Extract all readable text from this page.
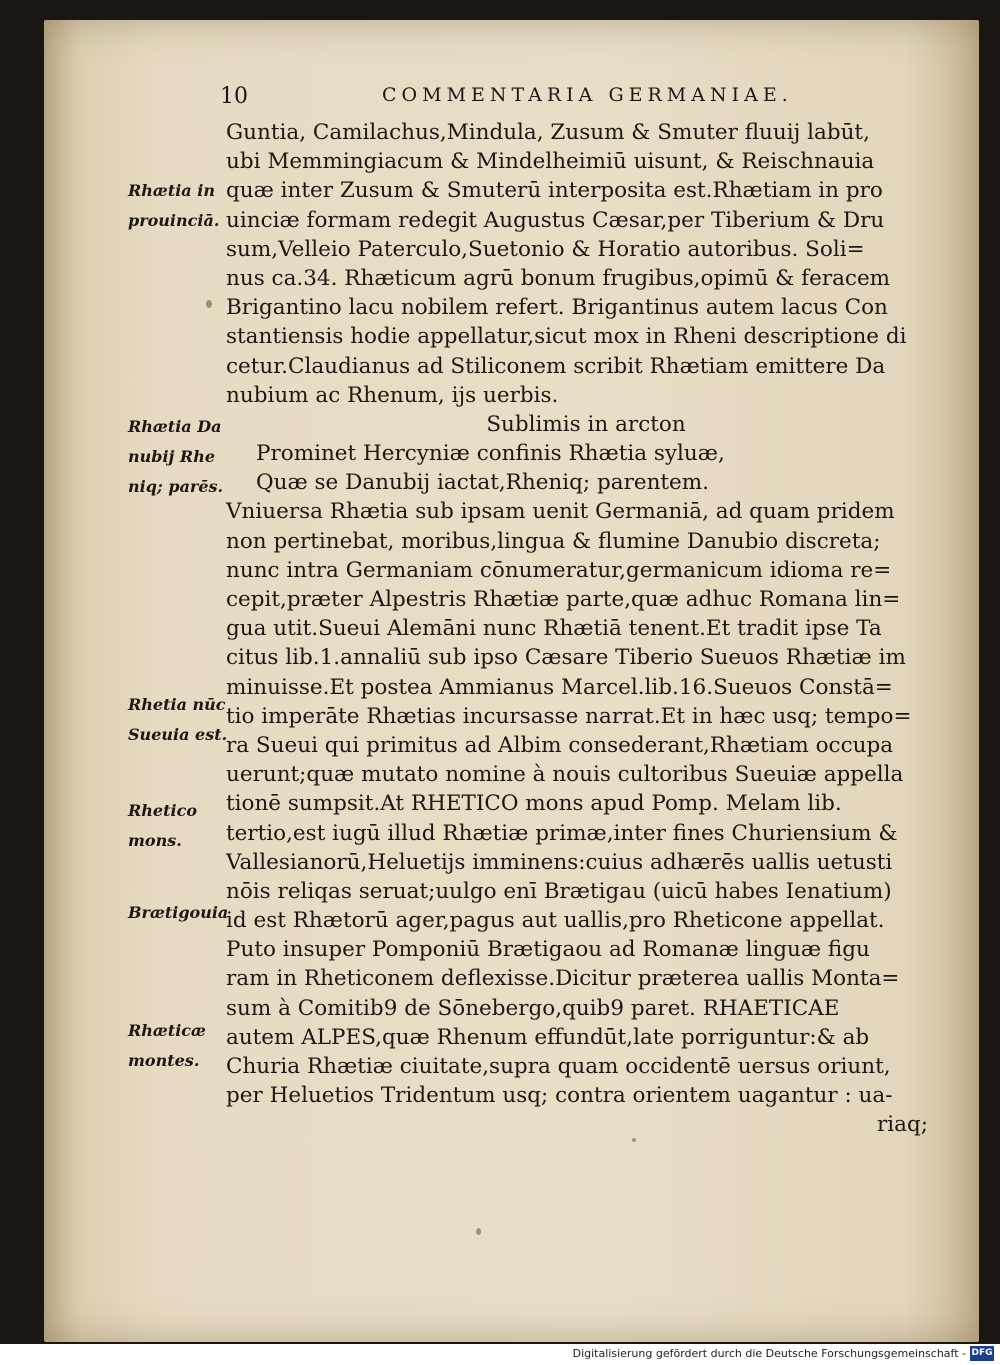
10	COMMENTARIA GERMANIAE.
Guntia, Camilachus,Mindula, Zusum & Smuter fluuij labūt,
ubi Memmingiacum & Mindelheimiū uisunt, & Reischnauia
quæ inter Zusum & Smuterū interposita est.Rhætiam in pro
uinciæ formam redegit Augustus Cæsar,per Tiberium & Dru
sum,Velleio Paterculo,Suetonio & Horatio autoribus. Soli=
nus ca.34. Rhæticum agrū bonum frugibus,opimū & feracem
Brigantino lacu nobilem refert. Brigantinus autem lacus Con
stantiensis hodie appellatur,sicut mox in Rheni descriptione di
cetur.Claudianus ad Stiliconem scribit Rhætiam emittere Da
nubium ac Rhenum, ijs uerbis.
Sublimis in arcton
Prominet Hercyniæ confinis Rhætia syluæ,
Quæ se Danubij iactat,Rheniq; parentem.
Vniuersa Rhætia sub ipsam uenit Germaniā, ad quam pridem
non pertinebat, moribus,lingua & flumine Danubio discreta;
nunc intra Germaniam cōnumeratur,germanicum idioma re=
cepit,præter Alpestris Rhætiæ parte,quæ adhuc Romana lin=
gua utit.Sueui Alemāni nunc Rhætiā tenent.Et tradit ipse Ta
citus lib.1.annaliū sub ipso Cæsare Tiberio Sueuos Rhætiæ im
minuisse.Et postea Ammianus Marcel.lib.16.Sueuos Constā=
tio imperāte Rhætias incursasse narrat.Et in hæc usq; tempo=
ra Sueui qui primitus ad Albim consederant,Rhætiam occupa
uerunt;quæ mutato nomine à nouis cultoribus Sueuiæ appella
tionē sumpsit.At RHETICO mons apud Pomp. Melam lib.
tertio,est iugū illud Rhætiæ primæ,inter fines Churiensium &
Vallesianorū,Heluetijs imminens:cuius adhærēs uallis uetusti
nōis reliqas seruat;uulgo enī Brætigau (uicū habes Ienatium)
id est Rhætorū ager,pagus aut uallis,pro Rheticone appellat.
Puto insuper Pomponiū Brætigaou ad Romanæ linguæ figu
ram in Rheticonem deflexisse.Dicitur præterea uallis Monta=
sum à Comitib9 de Sōnebergo,quib9 paret. RHAETICAE
autem ALPES,quæ Rhenum effundūt,late porriguntur:& ab
Churia Rhætiæ ciuitate,supra quam occidentē uersus oriunt,
per Heluetios Tridentum usq; contra orientem uagantur : ua-
riaq;
Rhætia in
prouinciā.
Rhætia Da
nubij Rhe
niq; parēs.
Rhetia nūc
Sueuia est.
Rhetico
mons.
Brætigouia
Rhæticæ
montes.
Digitalisierung gefördert durch die Deutsche Forschungsgemeinschaft - DFG
